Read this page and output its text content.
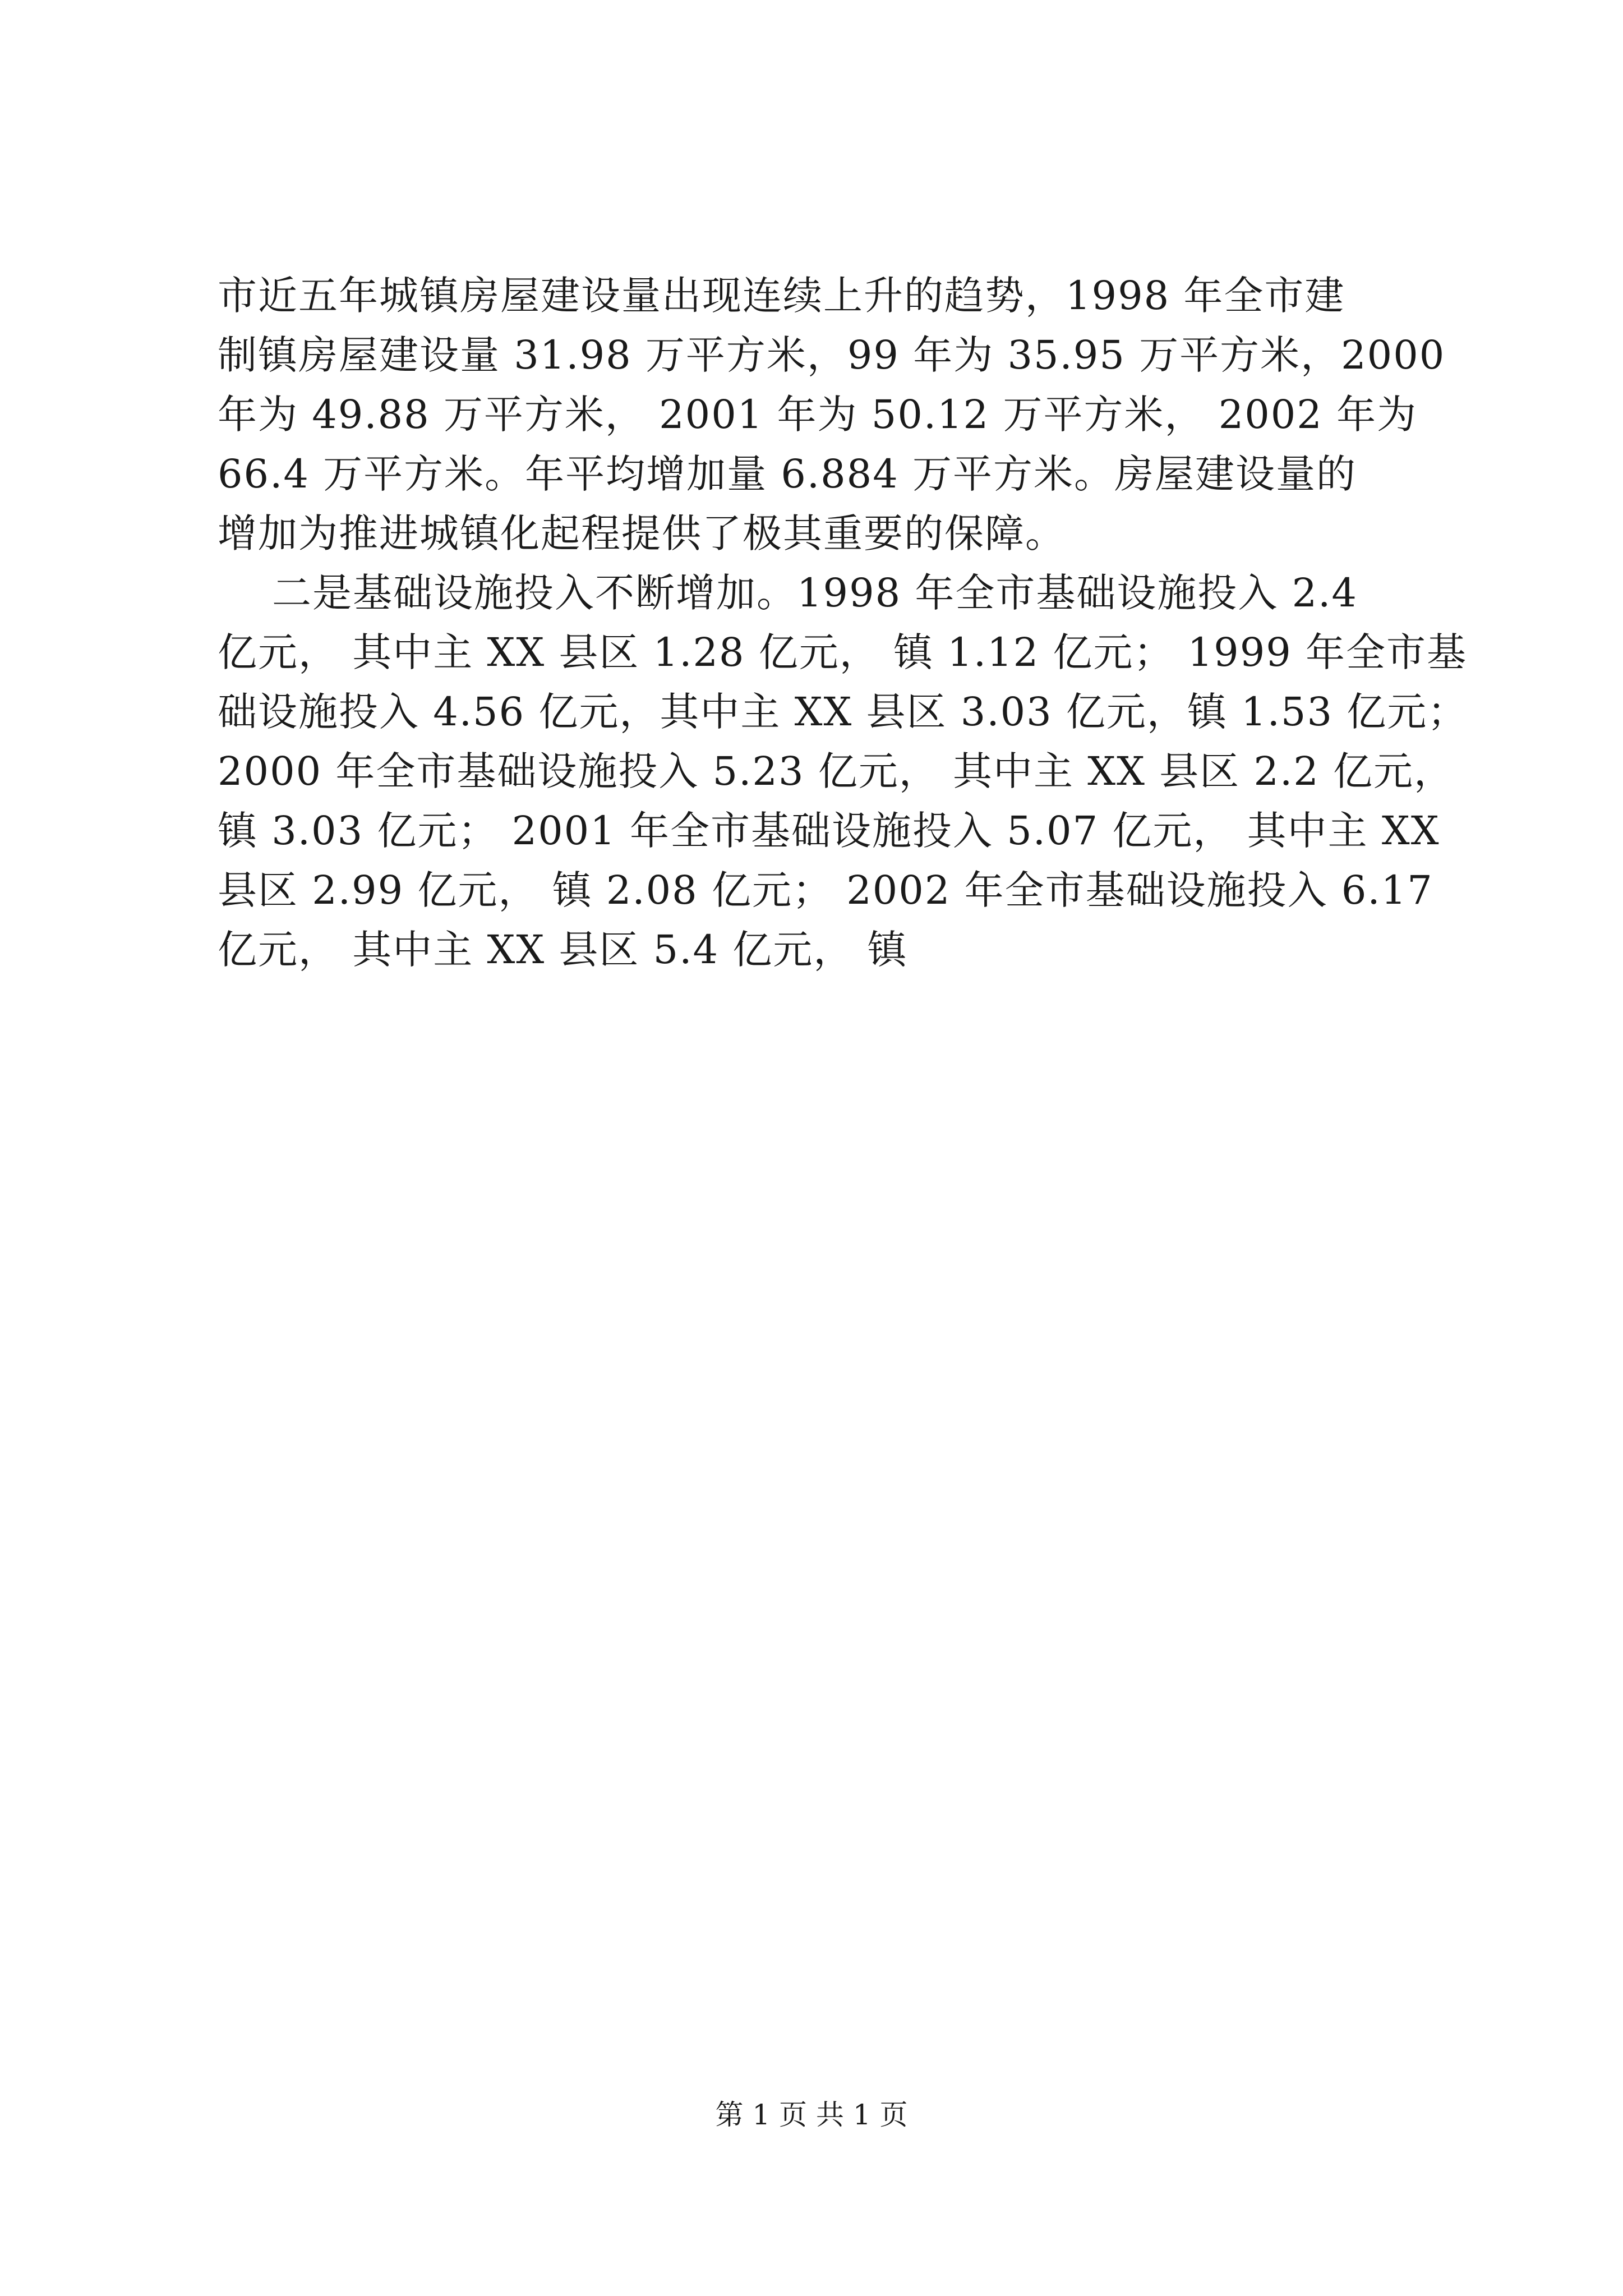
市近五年城镇房屋建设量出现连续上升的趋势，1998 年全市建
制镇房屋建设量 31.98 万平方米，99 年为 35.95 万平方米，2000
年为 49.88 万平方米， 2001 年为 50.12 万平方米， 2002 年为
66.4 万平方米。年平均增加量 6.884 万平方米。房屋建设量的
增加为推进城镇化起程提供了极其重要的保障。
二是基础设施投入不断增加。1998 年全市基础设施投入 2.4
亿元， 其中主 XX 县区 1.28 亿元， 镇 1.12 亿元； 1999 年全市基
础设施投入 4.56 亿元，其中主 XX 县区 3.03 亿元，镇 1.53 亿元；
2000 年全市基础设施投入 5.23 亿元， 其中主 XX 县区 2.2 亿元，
镇 3.03 亿元； 2001 年全市基础设施投入 5.07 亿元， 其中主 XX
县区 2.99 亿元， 镇 2.08 亿元； 2002 年全市基础设施投入 6.17
亿元， 其中主 XX 县区 5.4 亿元， 镇
第 1 页 共 1 页
